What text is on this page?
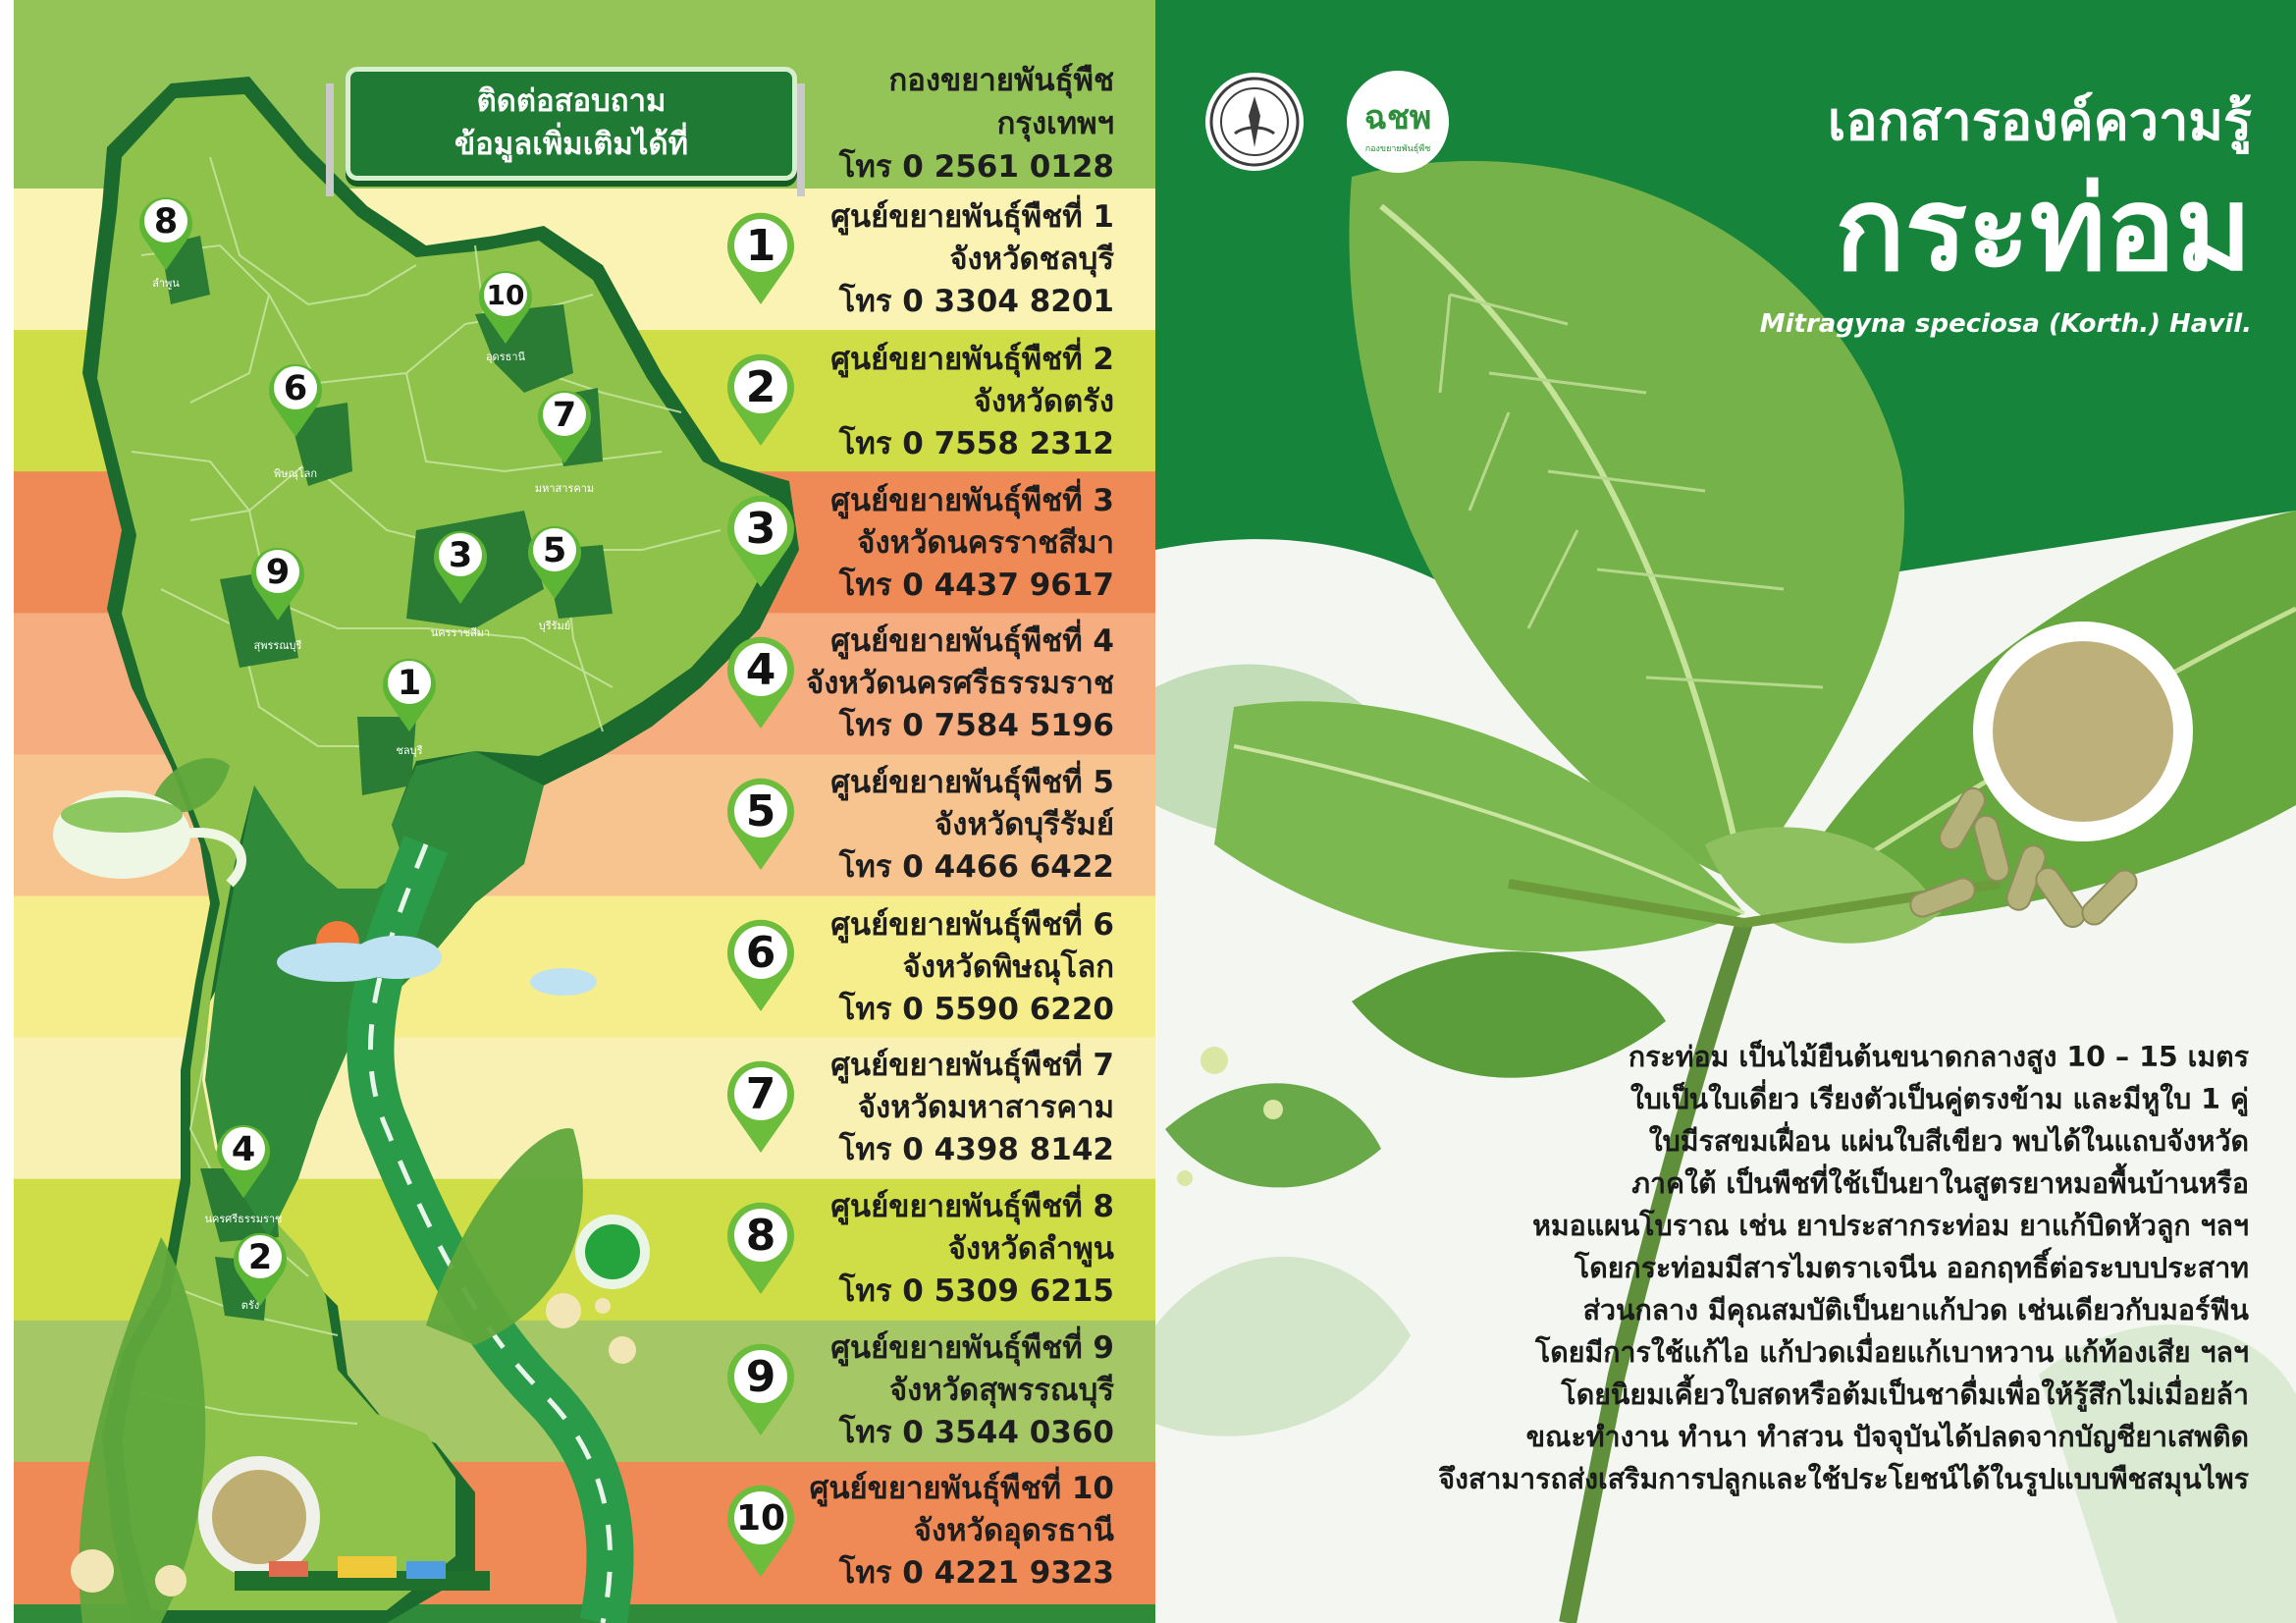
ติดต่อสอบถาม
ข้อมูลเพิ่มเติมได้ที่
กองขยายพันธุ์พืช
กรุงเทพฯ
โทร 0 2561 0128
ศูนย์ขยายพันธุ์พืชที่ 1
จังหวัดชลบุรี
โทร 0 3304 8201
ศูนย์ขยายพันธุ์พืชที่ 2
จังหวัดตรัง
โทร 0 7558 2312
ศูนย์ขยายพันธุ์พืชที่ 3
จังหวัดนครราชสีมา
โทร 0 4437 9617
ศูนย์ขยายพันธุ์พืชที่ 4
จังหวัดนครศรีธรรมราช
โทร 0 7584 5196
ศูนย์ขยายพันธุ์พืชที่ 5
จังหวัดบุรีรัมย์
โทร 0 4466 6422
ศูนย์ขยายพันธุ์พืชที่ 6
จังหวัดพิษณุโลก
โทร 0 5590 6220
ศูนย์ขยายพันธุ์พืชที่ 7
จังหวัดมหาสารคาม
โทร 0 4398 8142
ศูนย์ขยายพันธุ์พืชที่ 8
จังหวัดลำพูน
โทร 0 5309 6215
ศูนย์ขยายพันธุ์พืชที่ 9
จังหวัดสุพรรณบุรี
โทร 0 3544 0360
ศูนย์ขยายพันธุ์พืชที่ 10
จังหวัดอุดรธานี
โทร 0 4221 9323
1
2
3
4
5
6
7
8
9
10
8
ลำพูน	10
อุดรธานี
6
พิษณุโลก
7
มหาสารคาม
3
นครราชสีมา
5
บุรีรัมย์
9
สุพรรณบุรี
1
ชลบุรี
4
นครศรีธรรมราช
2
ตรัง
ฉชพ
กองขยายพันธุ์พืช	เอกสารองค์ความรู้
กระท่อม
Mitragyna speciosa (Korth.) Havil.
กระท่อม เป็นไม้ยืนต้นขนาดกลางสูง 10 – 15 เมตร
ใบเป็นใบเดี่ยว เรียงตัวเป็นคู่ตรงข้าม และมีหูใบ 1 คู่
ใบมีรสขมเฝื่อน แผ่นใบสีเขียว พบได้ในแถบจังหวัด
ภาคใต้ เป็นพืชที่ใช้เป็นยาในสูตรยาหมอพื้นบ้านหรือ
หมอแผนโบราณ เช่น ยาประสากระท่อม ยาแก้บิดหัวลูก ฯลฯ
โดยกระท่อมมีสารไมตราเจนีน ออกฤทธิ์ต่อระบบประสาท
ส่วนกลาง มีคุณสมบัติเป็นยาแก้ปวด เช่นเดียวกับมอร์ฟีน
โดยมีการใช้แก้ไอ แก้ปวดเมื่อยแก้เบาหวาน แก้ท้องเสีย ฯลฯ
โดยนิยมเคี้ยวใบสดหรือต้มเป็นชาดื่มเพื่อให้รู้สึกไม่เมื่อยล้า
ขณะทำงาน ทำนา ทำสวน ปัจจุบันได้ปลดจากบัญชียาเสพติด
จึงสามารถส่งเสริมการปลูกและใช้ประโยชน์ได้ในรูปแบบพืชสมุนไพร
